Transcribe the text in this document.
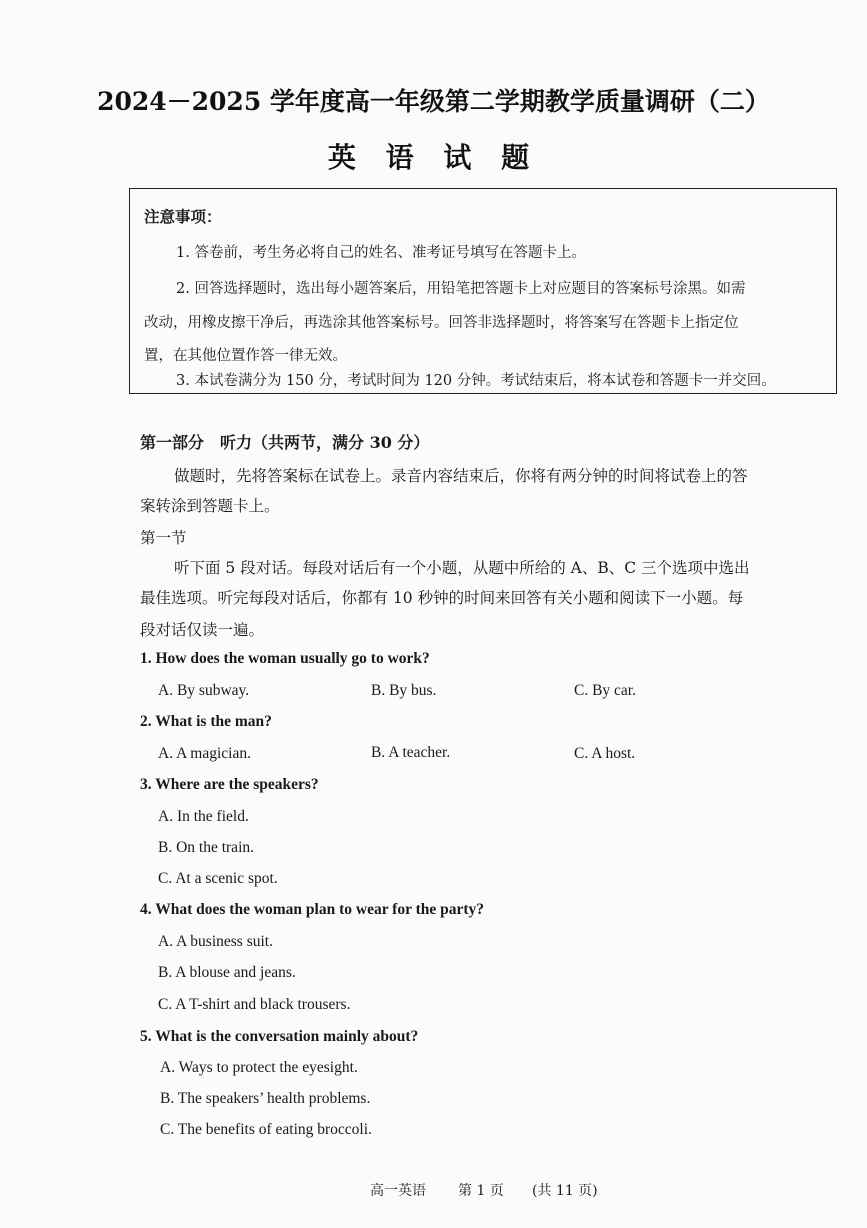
2024－2025 学年度高一年级第二学期教学质量调研（二）
英 语 试 题
注意事项：
1. 答卷前，考生务必将自己的姓名、准考证号填写在答题卡上。
2. 回答选择题时，选出每小题答案后，用铅笔把答题卡上对应题目的答案标号涂黑。如需
改动，用橡皮擦干净后，再选涂其他答案标号。回答非选择题时，将答案写在答题卡上指定位
置，在其他位置作答一律无效。
3. 本试卷满分为 150 分，考试时间为 120 分钟。考试结束后，将本试卷和答题卡一并交回。
第一部分　听力（共两节，满分 30 分）
做题时，先将答案标在试卷上。录音内容结束后，你将有两分钟的时间将试卷上的答
案转涂到答题卡上。
第一节
听下面 5 段对话。每段对话后有一个小题，从题中所给的 A、B、C 三个选项中选出
最佳选项。听完每段对话后，你都有 10 秒钟的时间来回答有关小题和阅读下一小题。每
段对话仅读一遍。
1. How does the woman usually go to work?
A. By subway.	B. By bus.	C. By car.
2. What is the man?
A. A magician.	B. A teacher.	C. A host.
3. Where are the speakers?
A. In the field.
B. On the train.
C. At a scenic spot.
4. What does the woman plan to wear for the party?
A. A business suit.
B. A blouse and jeans.
C. A T-shirt and black trousers.
5. What is the conversation mainly about?
A. Ways to protect the eyesight.
B. The speakers’ health problems.
C. The benefits of eating broccoli.
高一英语 第 1 页 (共 11 页)
